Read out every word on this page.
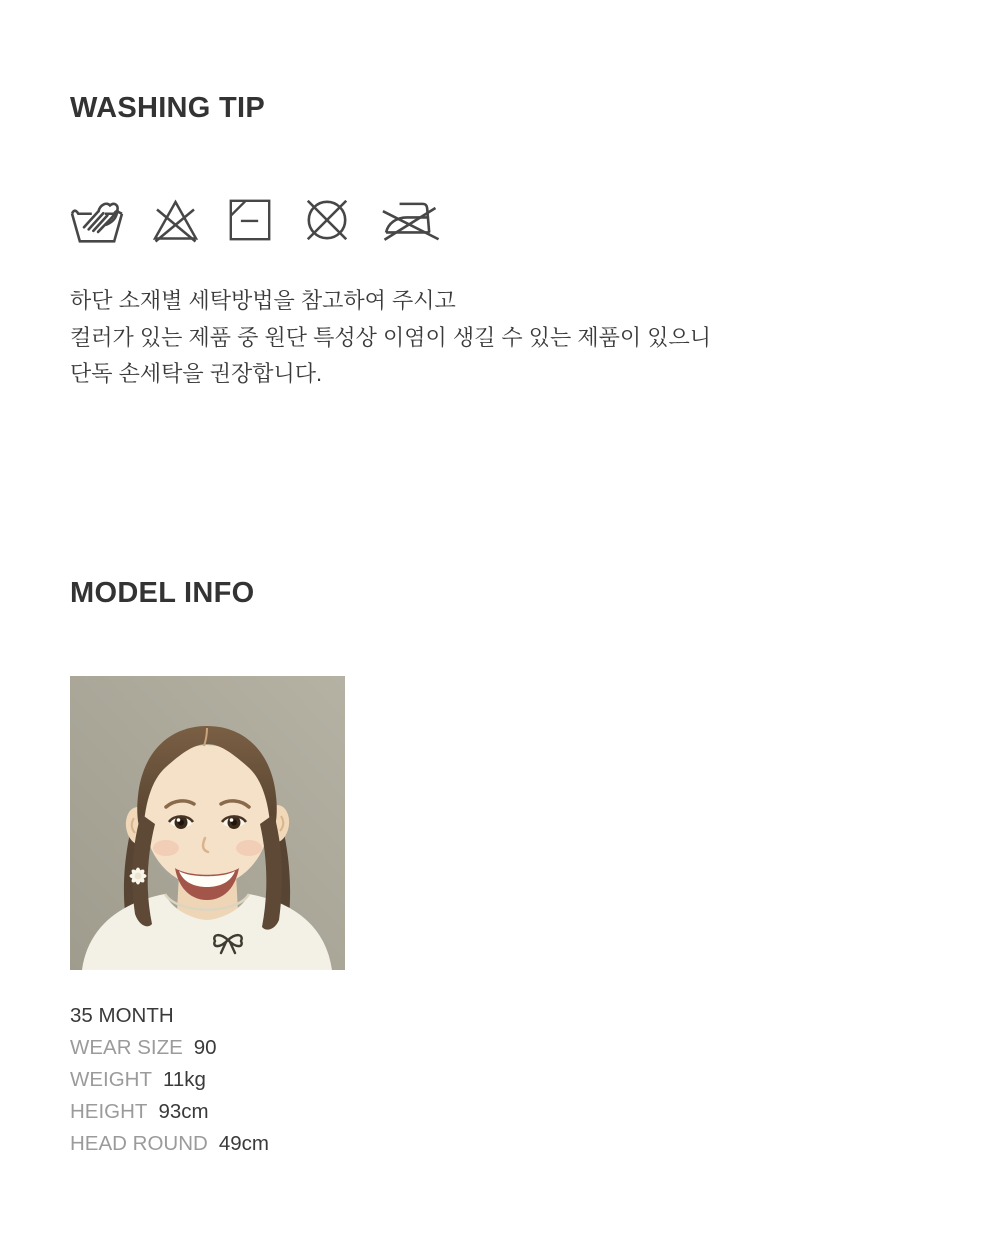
WASHING TIP
하단 소재별 세탁방법을 참고하여 주시고
컬러가 있는 제품 중 원단 특성상 이염이 생길 수 있는 제품이 있으니
단독 손세탁을 권장합니다.
MODEL INFO
35 MONTH
WEAR SIZE 90
WEIGHT 11kg
HEIGHT 93cm
HEAD ROUND 49cm
